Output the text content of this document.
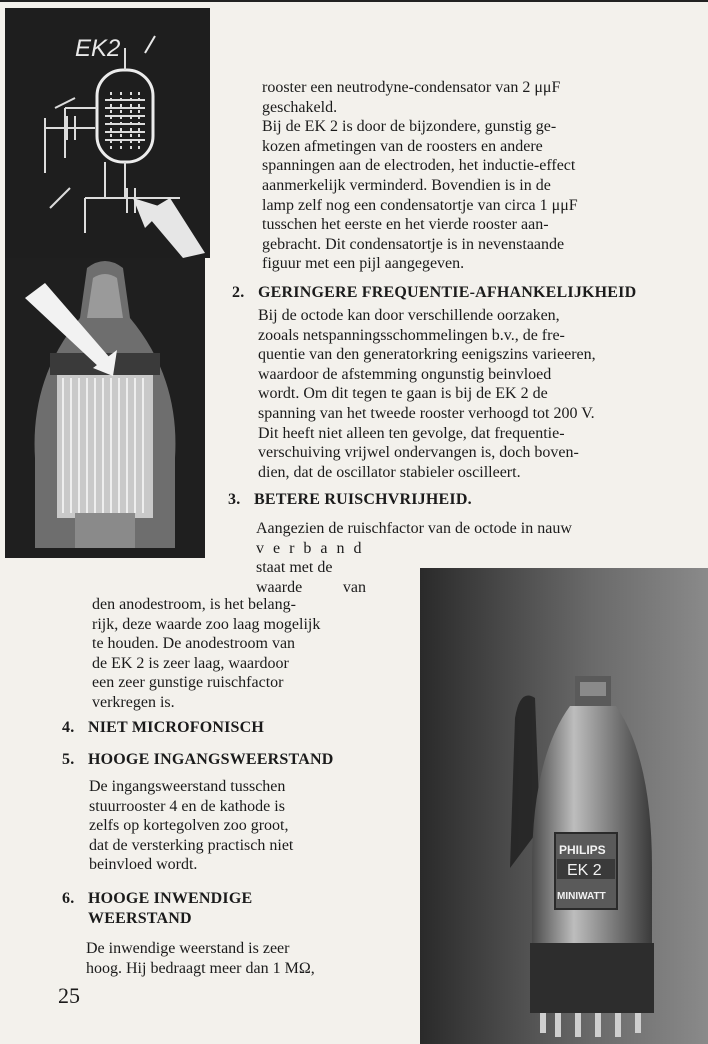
EK2

rooster een neutrodyne-condensator van 2 μμF

geschakeld.

Bij de EK 2 is door de bijzondere, gunstig ge-

kozen afmetingen van de roosters en andere

spanningen aan de electroden, het inductie-effect

aanmerkelijk verminderd. Bovendien is in de

lamp zelf nog een condensatortje van circa 1 μμF

tusschen het eerste en het vierde rooster aan-

gebracht. Dit condensatortje is in nevenstaande

figuur met een pijl aangegeven.

2. GERINGERE FREQUENTIE-AFHANKELIJKHEID

Bij de octode kan door verschillende oorzaken,

zooals netspanningsschommelingen b.v., de fre-

quentie van den generatorkring eenigszins varieeren,

waardoor de afstemming ongunstig beinvloed

wordt. Om dit tegen te gaan is bij de EK 2 de

spanning van het tweede rooster verhoogd tot 200 V.

Dit heeft niet alleen ten gevolge, dat frequentie-

verschuiving vrijwel ondervangen is, doch boven-

dien, dat de oscillator stabieler oscilleert.

3. BETERE RUISCHVRIJHEID.

Aangezien de ruischfactor van de octode in nauw

verband

staat met de

waarde van

den anodestroom, is het belang-

rijk, deze waarde zoo laag mogelijk

te houden. De anodestroom van

de EK 2 is zeer laag, waardoor

een zeer gunstige ruischfactor

verkregen is.

4. NIET MICROFONISCH
5. HOOGE INGANGSWEERSTAND

De ingangsweerstand tusschen

stuurrooster 4 en de kathode is

zelfs op kortegolven zoo groot,

dat de versterking practisch niet

beinvloed wordt.

6. HOOGE INWENDIGE
WEERSTAND

De inwendige weerstand is zeer

hoog. Hij bedraagt meer dan 1 MΩ,

PHILIPS
EK 2
MINIWATT
25
